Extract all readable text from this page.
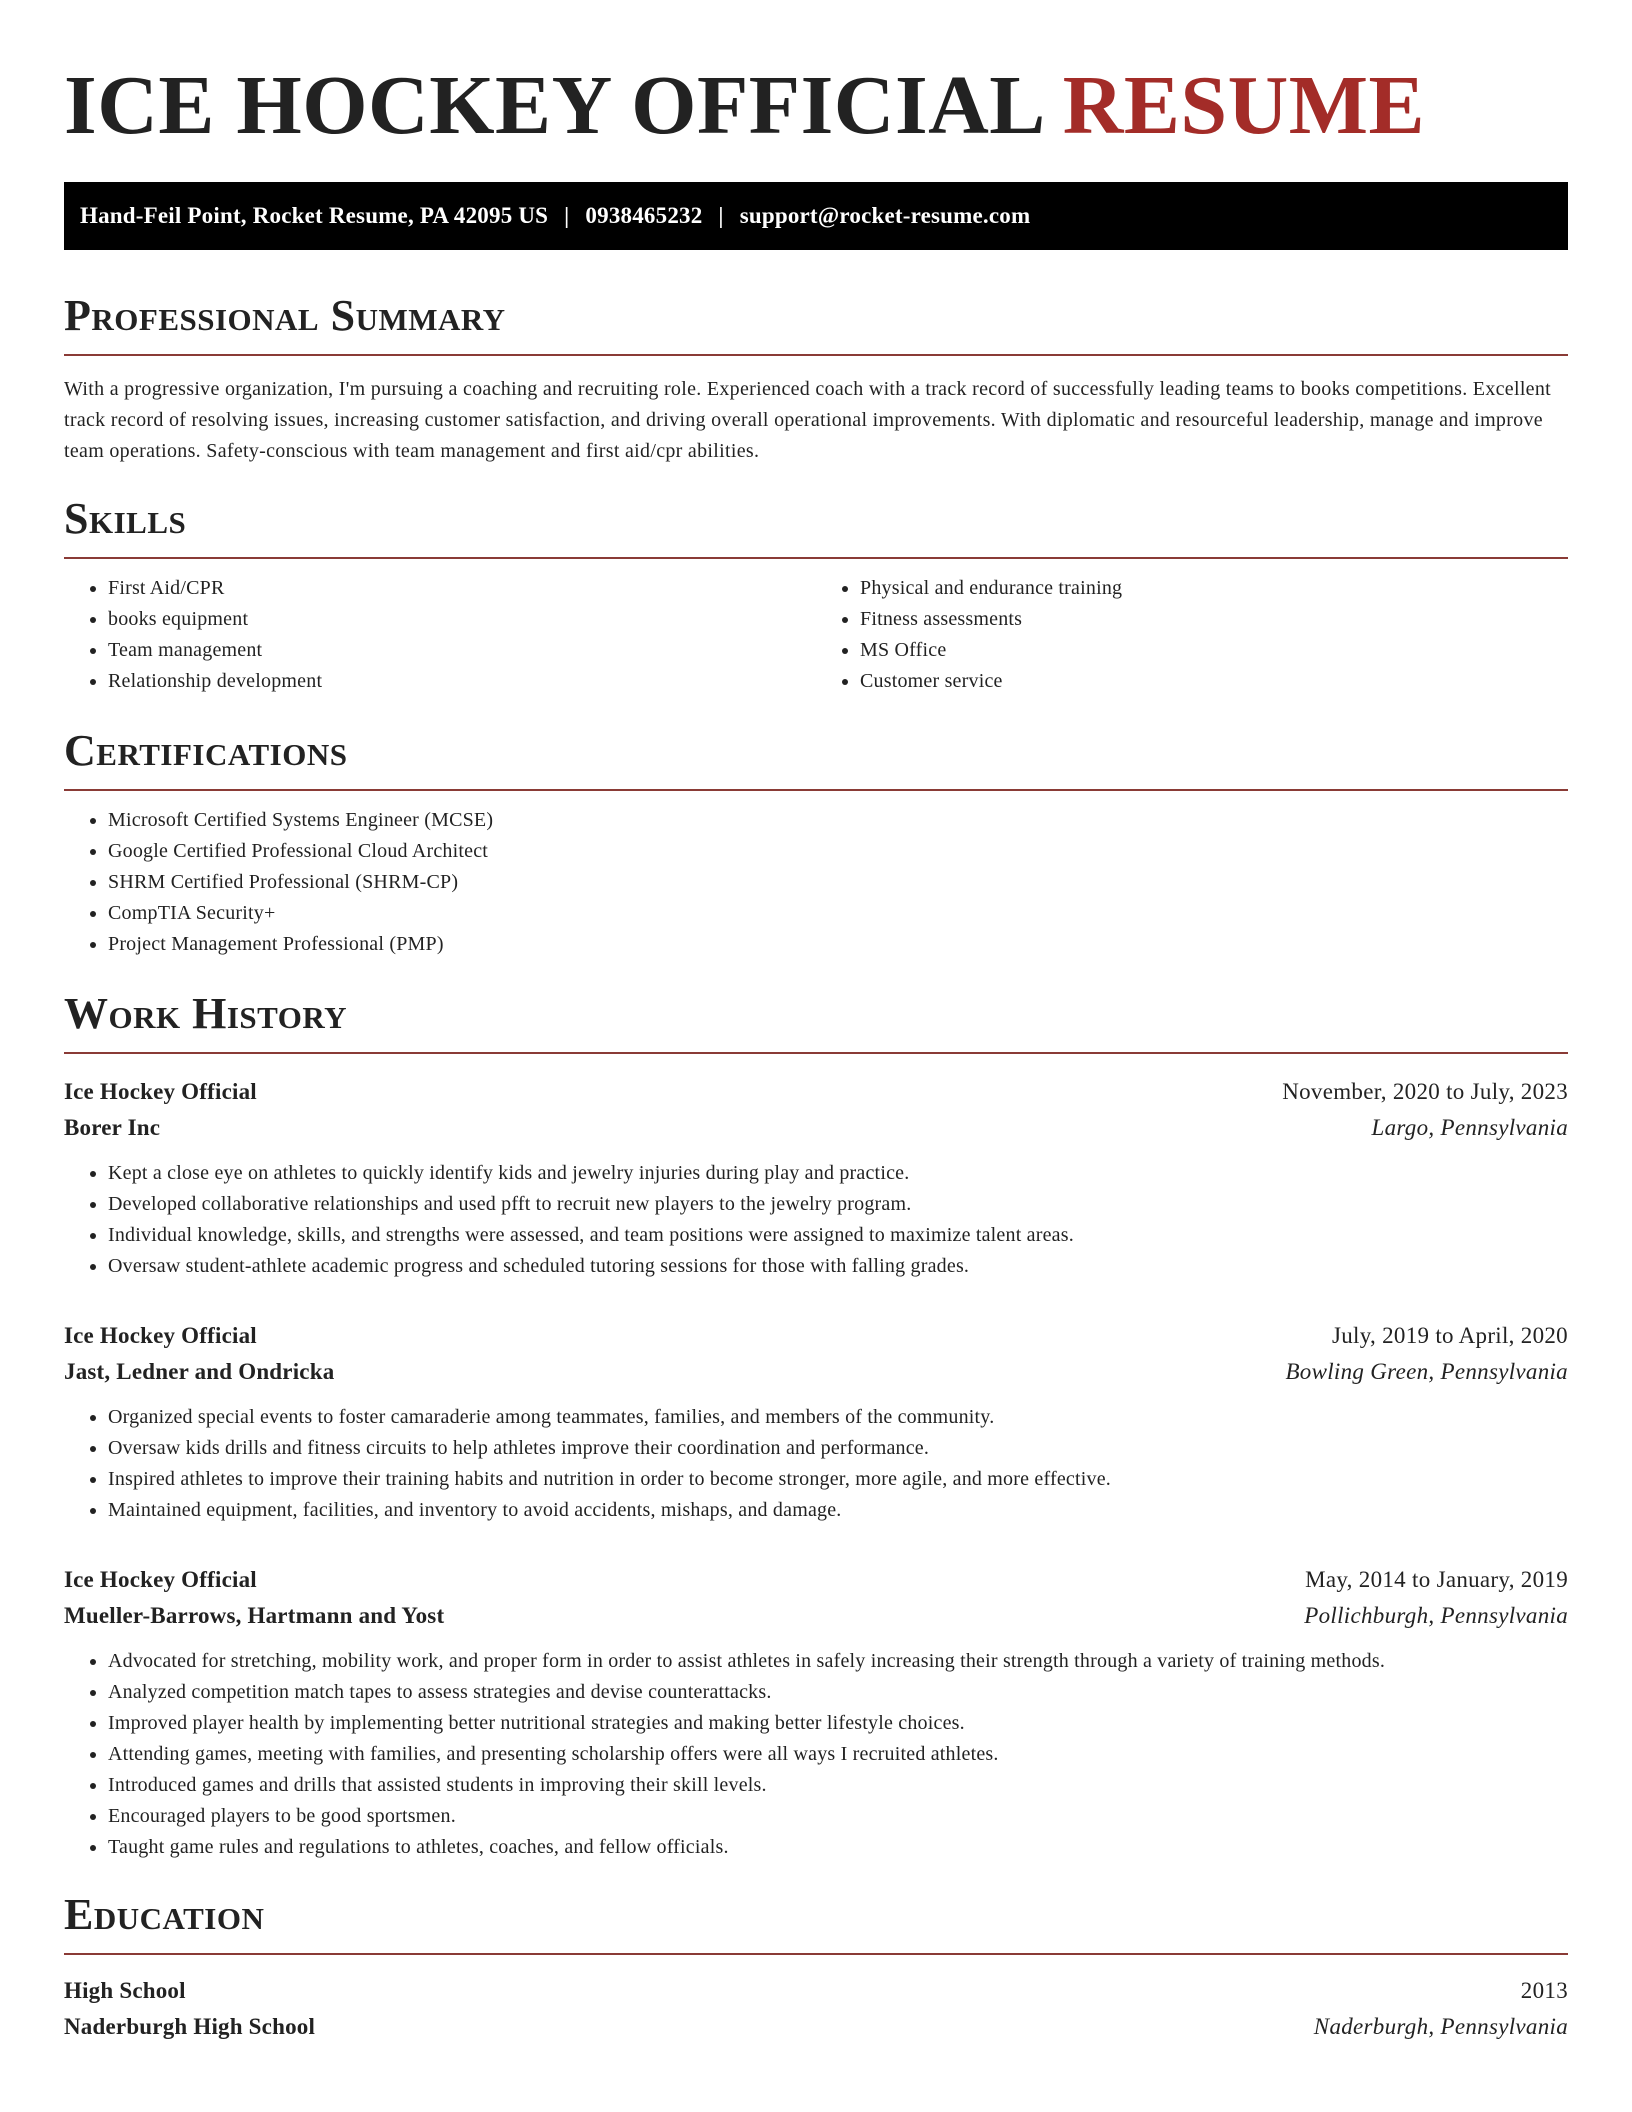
ICE HOCKEY OFFICIAL RESUME
Hand-Feil Point, Rocket Resume, PA 42095 US | 0938465232 | support@rocket-resume.com
Professional Summary

With a progressive organization, I'm pursuing a coaching and recruiting role. Experienced coach with a track record of successfully leading teams to books competitions. Excellent track record of resolving issues, increasing customer satisfaction, and driving overall operational improvements. With diplomatic and resourceful leadership, manage and improve team operations. Safety-conscious with team management and first aid/cpr abilities.

Skills
• First Aid/CPR
• books equipment
• Team management
• Relationship development
• Physical and endurance training
• Fitness assessments
• MS Office
• Customer service
Certifications
• Microsoft Certified Systems Engineer (MCSE)
• Google Certified Professional Cloud Architect
• SHRM Certified Professional (SHRM-CP)
• CompTIA Security+
• Project Management Professional (PMP)
Work History
Ice Hockey Official	November, 2020 to July, 2023
Borer Inc	Largo, Pennsylvania
• Kept a close eye on athletes to quickly identify kids and jewelry injuries during play and practice.
• Developed collaborative relationships and used pfft to recruit new players to the jewelry program.
• Individual knowledge, skills, and strengths were assessed, and team positions were assigned to maximize talent areas.
• Oversaw student-athlete academic progress and scheduled tutoring sessions for those with falling grades.
Ice Hockey Official	July, 2019 to April, 2020
Jast, Ledner and Ondricka	Bowling Green, Pennsylvania
• Organized special events to foster camaraderie among teammates, families, and members of the community.
• Oversaw kids drills and fitness circuits to help athletes improve their coordination and performance.
• Inspired athletes to improve their training habits and nutrition in order to become stronger, more agile, and more effective.
• Maintained equipment, facilities, and inventory to avoid accidents, mishaps, and damage.
Ice Hockey Official	May, 2014 to January, 2019
Mueller-Barrows, Hartmann and Yost	Pollichburgh, Pennsylvania
• Advocated for stretching, mobility work, and proper form in order to assist athletes in safely increasing their strength through a variety of training methods.
• Analyzed competition match tapes to assess strategies and devise counterattacks.
• Improved player health by implementing better nutritional strategies and making better lifestyle choices.
• Attending games, meeting with families, and presenting scholarship offers were all ways I recruited athletes.
• Introduced games and drills that assisted students in improving their skill levels.
• Encouraged players to be good sportsmen.
• Taught game rules and regulations to athletes, coaches, and fellow officials.
Education
High School	2013
Naderburgh High School	Naderburgh, Pennsylvania
